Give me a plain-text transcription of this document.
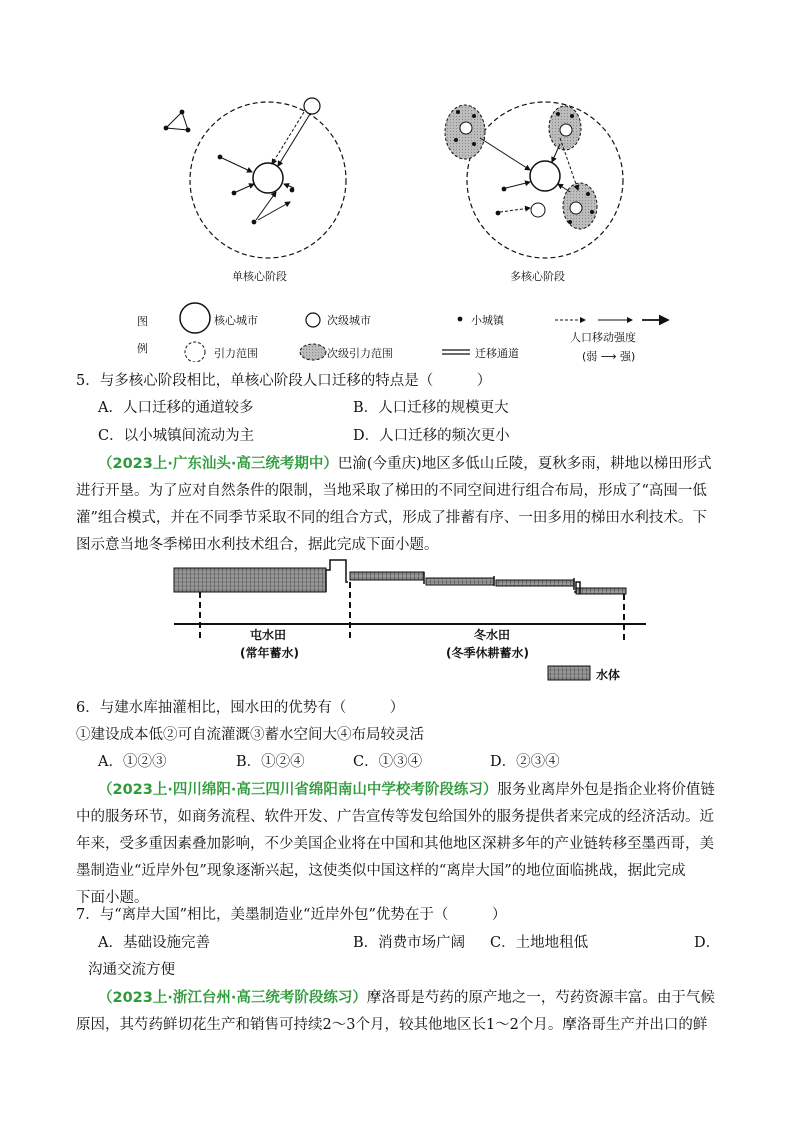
单核心阶段	多核心阶段
图
例
核心城市	次级城市	小城镇
人口移动强度
引力范围	次级引力范围	迁移通道	(弱 ⟶ 强)
5．与多核心阶段相比，单核心阶段人口迁移的特点是（　　　）
A．人口迁移的通道较多	B．人口迁移的规模更大
C．以小城镇间流动为主	D．人口迁移的频次更小
（2023上·广东汕头·高三统考期中）巴渝(今重庆)地区多低山丘陵，夏秋多雨，耕地以梯田形式
进行开垦。为了应对自然条件的限制，当地采取了梯田的不同空间进行组合布局，形成了“高囤一低
灌”组合模式，并在不同季节采取不同的组合方式，形成了排蓄有序、一田多用的梯田水利技术。下
图示意当地冬季梯田水利技术组合，据此完成下面小题。
屯水田
(常年蓄水)
冬水田
(冬季休耕蓄水)
水体
6．与建水库抽灌相比，囤水田的优势有（　　　）
①建设成本低②可自流灌溉③蓄水空间大④布局较灵活
A．①②③	B．①②④	C．①③④	D．②③④
（2023上·四川绵阳·高三四川省绵阳南山中学校考阶段练习）服务业离岸外包是指企业将价值链
中的服务环节，如商务流程、软件开发、广告宣传等发包给国外的服务提供者来完成的经济活动。近
年来，受多重因素叠加影响，不少美国企业将在中国和其他地区深耕多年的产业链转移至墨西哥，美
墨制造业“近岸外包”现象逐渐兴起，这使类似中国这样的“离岸大国”的地位面临挑战，据此完成
下面小题。
7．与“离岸大国”相比，美墨制造业“近岸外包”优势在于（　　　）
A．基础设施完善	B．消费市场广阔 C．土地地租低	D．
沟通交流方便
（2023上·浙江台州·高三统考阶段练习）摩洛哥是芍药的原产地之一，芍药资源丰富。由于气候
原因，其芍药鲜切花生产和销售可持续2～3个月，较其他地区长1～2个月。摩洛哥生产并出口的鲜
